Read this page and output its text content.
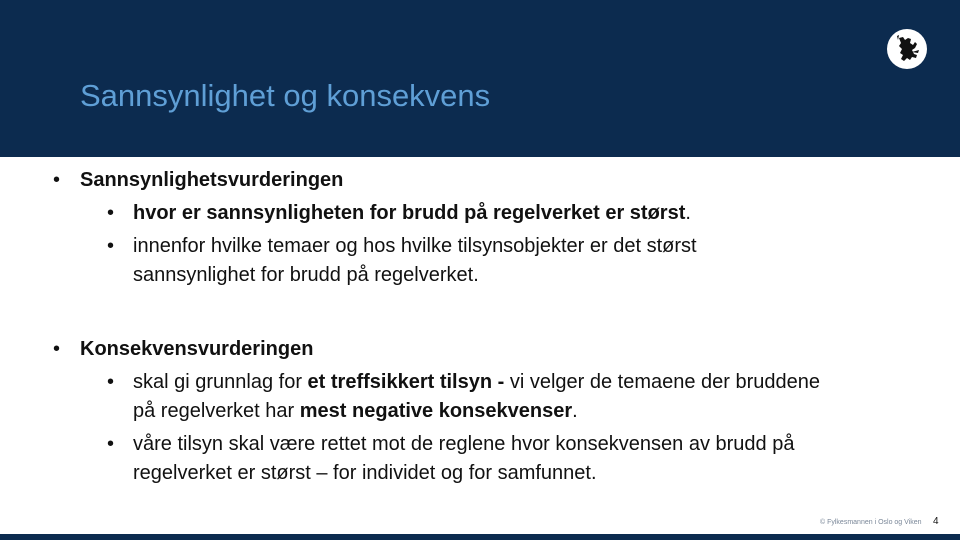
Sannsynlighet og konsekvens
• Sannsynlighetsvurderingen
• hvor er sannsynligheten for brudd på regelverket er størst.
• innenfor hvilke temaer og hos hvilke tilsynsobjekter er det størst
sannsynlighet for brudd på regelverket.
• Konsekvensvurderingen
• skal gi grunnlag for et treffsikkert tilsyn - vi velger de temaene der bruddene
på regelverket har mest negative konsekvenser.
• våre tilsyn skal være rettet mot de reglene hvor konsekvensen av brudd på
regelverket er størst – for individet og for samfunnet.
© Fylkesmannen i Oslo og Viken 4
